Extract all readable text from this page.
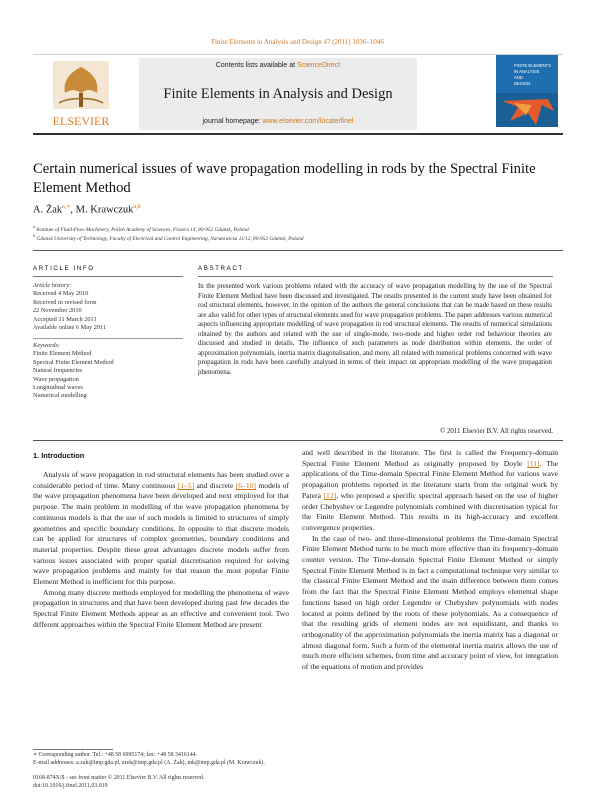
Finite Elements in Analysis and Design 47 (2011) 1036–1046
ELSEVIER
Contents lists available at ScienceDirect
Finite Elements in Analysis and Design
journal homepage: www.elsevier.com/locate/finel
FINITE ELEMENTS
IN ANALYSIS
AND
DESIGN
Certain numerical issues of wave propagation modelling in rods by the Spectral Finite Element Method
A. Żak$^{a,∗}$, M. Krawczuk$^{a,b}$
$^a$ Institute of Fluid-Flow Machinery, Polish Academy of Sciences, Fiszera 14, 80-952 Gdansk, Poland
$^b$ Gdansk University of Technology, Faculty of Electrical and Control Engineering, Narutowicza 11/12, 80-952 Gdansk, Poland
ARTICLE INFO	ABSTRACT
Article history:
Received 4 May 2010
Received in revised form
22 November 2010
Accepted 31 March 2011
Available online 6 May 2011
Keywords:
Finite Element Method
Spectral Finite Element Method
Natural frequencies
Wave propagation
Longitudinal waves
Numerical modelling
In the presented work various problems related with the accuracy of wave propagation modelling by the use of the Spectral Finite Element Method have been discussed and investigated. The results presented in the current study have been obtained for rod structural elements, however, in the opinion of the authors the general conclusions that can be made based on these results are also valid for other types of structural elements used for wave propagation problems. The paper addresses various numerical aspects influencing appropriate modelling of wave propagation in rod structural elements. The results of numerical simulations obtained by the authors and related with the use of single-mode, two-mode and higher order rod behaviour theories are discussed and studied in details. The influence of such parameters as node distribution within elements, the order of approximation polynomials, inertia matrix diagonalisation, and more, all related with numerical problems concerned with wave propagation in rods have been carefully analysed in terms of their impact on appropriate modelling of the wave propagation phenomena.
© 2011 Elsevier B.V. All rights reserved.
1. Introduction

Analysis of wave propagation in rod structural elements has been studied over a considerable period of time. Many continuous [1–5] and discrete [6–10] models of the wave propagation phenomena have been developed and next employed for that purpose. The main problem in modelling of the wave propagation phenomena by continuous models is that the use of such models is limited to structures of simply geometries and specific boundary conditions. In opposite to that discrete models can be applied for structures of complex geometries, boundary conditions and material properties. Despite these great advantages discrete models suffer from various issues associated with proper spatial discretisation required for solving wave propagation problems and mainly for that reason the most popular Finite Element Method is inefficient for this purpose.

Among many discrete methods employed for modelling the phenomena of wave propagation in structures and that have been developed during past few decades the Spectral Finite Element Methods appear as an effective and convenient tool. Two different approaches within the Spectral Finite Element Method are present

and well described in the literature. The first is called the Frequency-domain Spectral Finite Element Method as originally proposed by Doyle [11]. The applications of the Time-domain Spectral Finite Element Method for various wave propagation problems reported in the literature starts from the original work by Patera [12], who proposed a specific spectral approach based on the use of higher order Chebyshev or Legendre polynomials combined with discretisation typical for the Finite Element Method. This results in its high-accuracy and excellent convergence properties.

In the case of two- and three-dimensional problems the Time-domain Spectral Finite Element Method turns to be much more effective than its frequency-domain counter version. The Time-domain Spectral Finite Element Method or simply Spectral Finite Element Method is in fact a computational technique very similar to the classical Finite Element Method and the main difference between them comes from the fact that the Spectral Finite Element Method employs elemental shape functions based on high order Legendre or Chebyshev polynomials with nodes located at points defined by the roots of these polynomials. As a consequence of that the resulting grids of element nodes are not equidistant, and thanks to orthogonality of the approximation polynomials the inertia matrix has a diagonal or almost diagonal form. Such a form of the elemental inertia matrix allows the use of much more efficient schemes, from time and accuracy point of view, for integration of the equations of motion and provides

∗ Corresponding author. Tel.: +48 58 6995174; fax: +48 58 3416144.
E-mail addresses: a.zak@imp.gda.pl, arek@imp.gda.pl (A. Żak), mk@imp.gda.pl (M. Krawczuk).
0168-874X/$ - see front matter © 2011 Elsevier B.V. All rights reserved.
doi:10.1016/j.finel.2011.03.019
